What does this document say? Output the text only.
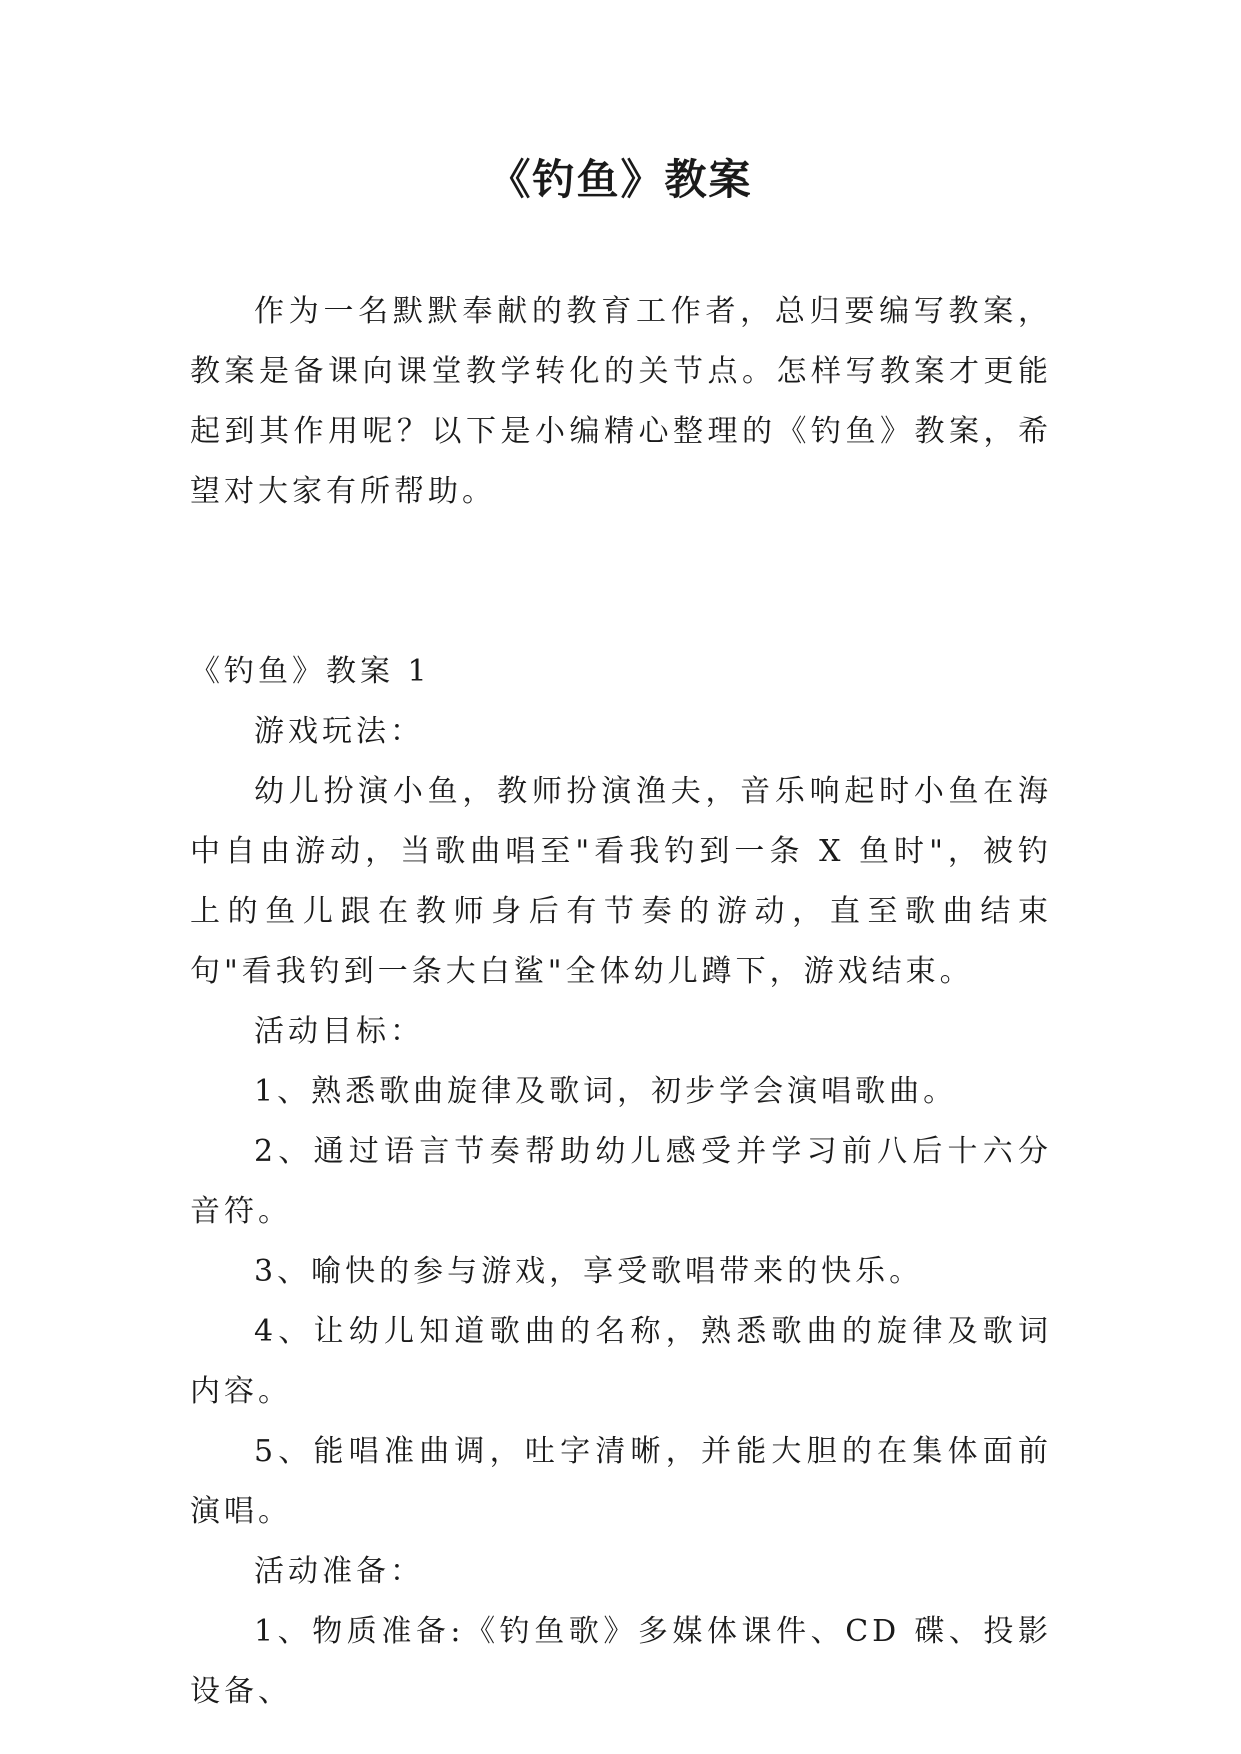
《钓鱼》教案

作为一名默默奉献的教育工作者，总归要编写教案，教案是备课向课堂教学转化的关节点。怎样写教案才更能起到其作用呢？以下是小编精心整理的《钓鱼》教案，希望对大家有所帮助。

《钓鱼》教案 1

游戏玩法：

幼儿扮演小鱼，教师扮演渔夫，音乐响起时小鱼在海中自由游动，当歌曲唱至"看我钓到一条 X 鱼时"，被钓上的鱼儿跟在教师身后有节奏的游动，直至歌曲结束句"看我钓到一条大白鲨"全体幼儿蹲下，游戏结束。

活动目标：

1、熟悉歌曲旋律及歌词，初步学会演唱歌曲。

2、通过语言节奏帮助幼儿感受并学习前八后十六分音符。

3、喻快的参与游戏，享受歌唱带来的快乐。

4、让幼儿知道歌曲的名称，熟悉歌曲的旋律及歌词内容。

5、能唱准曲调，吐字清晰，并能大胆的在集体面前演唱。

活动准备：

1、物质准备:《钓鱼歌》多媒体课件、CD 碟、投影设备、
